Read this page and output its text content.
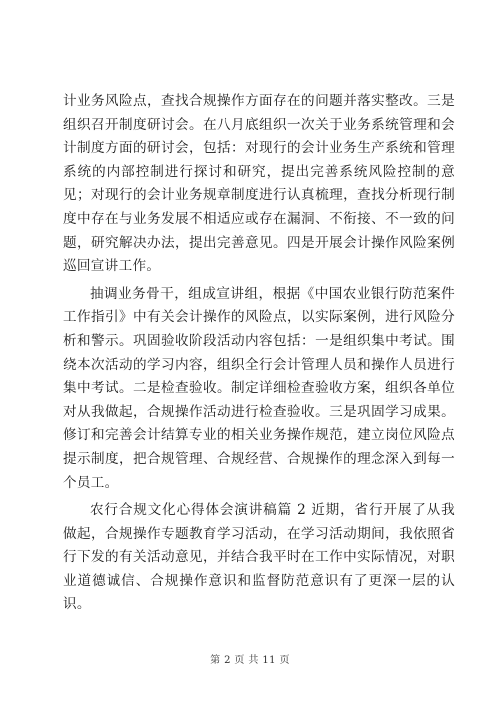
计业务风险点，查找合规操作方面存在的问题并落实整改。三是组织召开制度研讨会。在八月底组织一次关于业务系统管理和会计制度方面的研讨会，包括：对现行的会计业务生产系统和管理系统的内部控制进行探讨和研究，提出完善系统风险控制的意见；对现行的会计业务规章制度进行认真梳理，查找分析现行制度中存在与业务发展不相适应或存在漏洞、不衔接、不一致的问题，研究解决办法，提出完善意见。四是开展会计操作风险案例巡回宣讲工作。

抽调业务骨干，组成宣讲组，根据《中国农业银行防范案件工作指引》中有关会计操作的风险点，以实际案例，进行风险分析和警示。巩固验收阶段活动内容包括：一是组织集中考试。围绕本次活动的学习内容，组织全行会计管理人员和操作人员进行集中考试。二是检查验收。制定详细检查验收方案，组织各单位对从我做起，合规操作活动进行检查验收。三是巩固学习成果。修订和完善会计结算专业的相关业务操作规范，建立岗位风险点提示制度，把合规管理、合规经营、合规操作的理念深入到每一个员工。

农行合规文化心得体会演讲稿篇 2 近期，省行开展了从我做起，合规操作专题教育学习活动，在学习活动期间，我依照省行下发的有关活动意见，并结合我平时在工作中实际情况，对职业道德诚信、合规操作意识和监督防范意识有了更深一层的认识。

第 2 页 共 11 页
